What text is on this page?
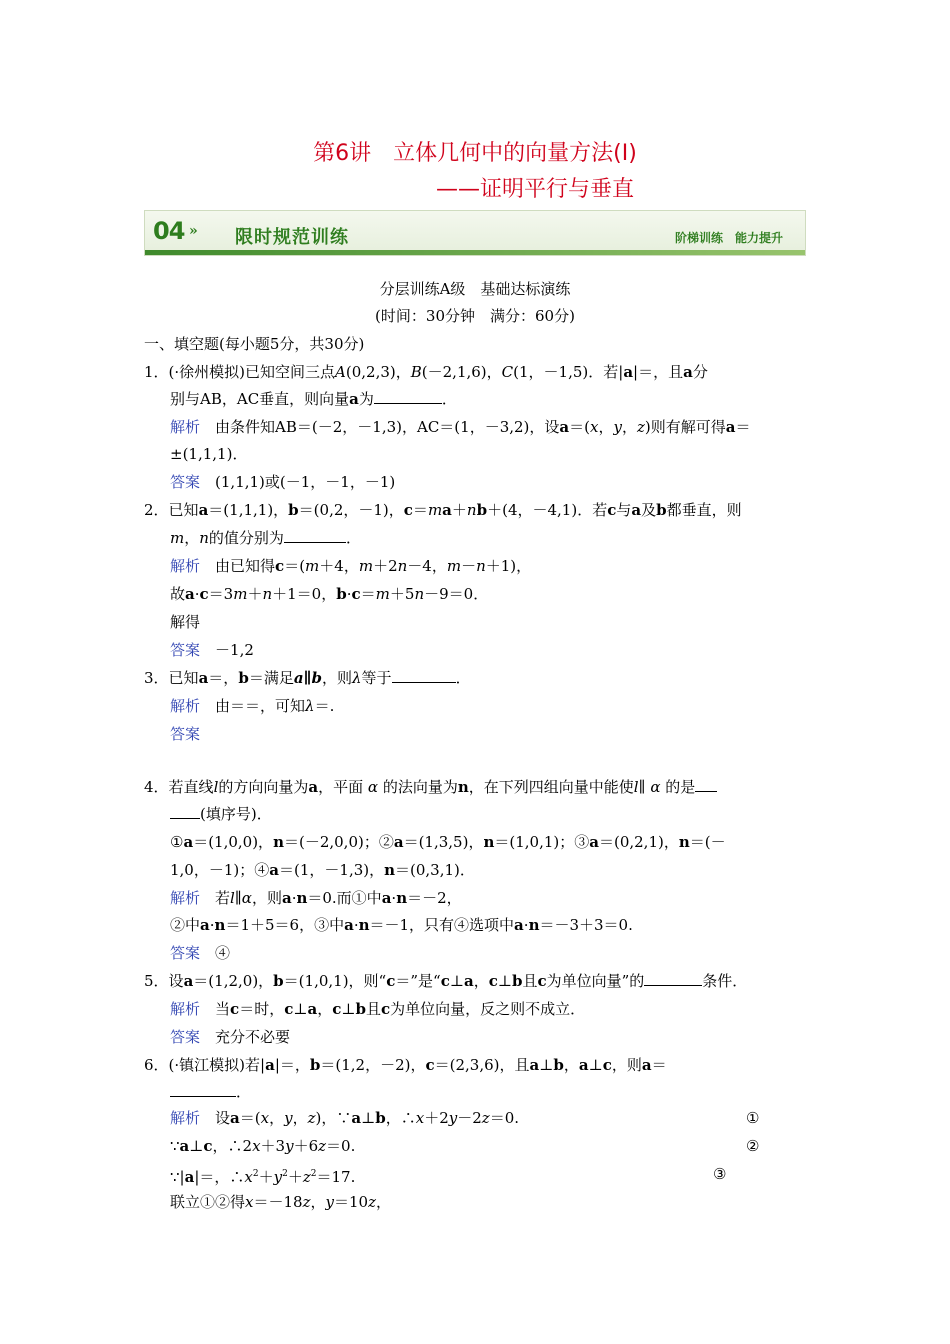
第6讲　立体几何中的向量方法(Ⅰ)
——证明平行与垂直
04 » 限时规范训练	阶梯训练　能力提升
分层训练A级　基础达标演练
(时间：30分钟　满分：60分)
一、填空题(每小题5分，共30分)
1．(·徐州模拟)已知空间三点A(0,2,3)，B(－2,1,6)，C(1，－1,5)．若|a|＝，且a分
别与AB，AC垂直，则向量a为	．
解析　 由条件知AB＝(－2，－1,3)，AC＝(1，－3,2)，设a＝(x，y，z)则有解可得a＝
±(1,1,1)．
答案　 (1,1,1)或(－1，－1，－1)
2．已知a＝(1,1,1)，b＝(0,2，－1)，c＝ma＋nb＋(4，－4,1)．若c与a及b都垂直，则
m，n的值分别为	．
解析　 由已知得c＝(m＋4，m＋2n－4，m－n＋1)，
故a·c＝3m＋n＋1＝0，b·c＝m＋5n－9＝0．
解得
答案　 －1,2
3．已知a＝，b＝满足a∥b，则λ等于	．
解析　 由＝＝，可知λ＝.
答案
4．若直线l的方向向量为a，平面 α 的法向量为n，在下列四组向量中能使l∥ α 的是
(填序号)．
①a＝(1,0,0)，n＝(－2,0,0)；②a＝(1,3,5)，n＝(1,0,1)；③a＝(0,2,1)，n＝(－
1,0，－1)；④a＝(1，－1,3)，n＝(0,3,1)．
解析　 若l∥α，则a·n＝0.而①中a·n＝－2，
②中a·n＝1＋5＝6，③中a·n＝－1，只有④选项中a·n＝－3＋3＝0.
答案　 ④
5．设a＝(1,2,0)，b＝(1,0,1)，则“c＝”是“c⊥a，c⊥b且c为单位向量”的	条件．
解析　 当c＝时，c⊥a，c⊥b且c为单位向量，反之则不成立．
答案　 充分不必要
6．(·镇江模拟)若|a|＝，b＝(1,2，－2)，c＝(2,3,6)，且a⊥b，a⊥c，则a＝
．
解析　 设a＝(x，y，z)，∵a⊥b，∴x＋2y－2z＝0.	①
∵a⊥c，∴2x＋3y＋6z＝0.	②
∵|a|＝，$\therefore x^2+y^2+z^2=17$.	③
联立①②得x＝－18z，y＝10z，
